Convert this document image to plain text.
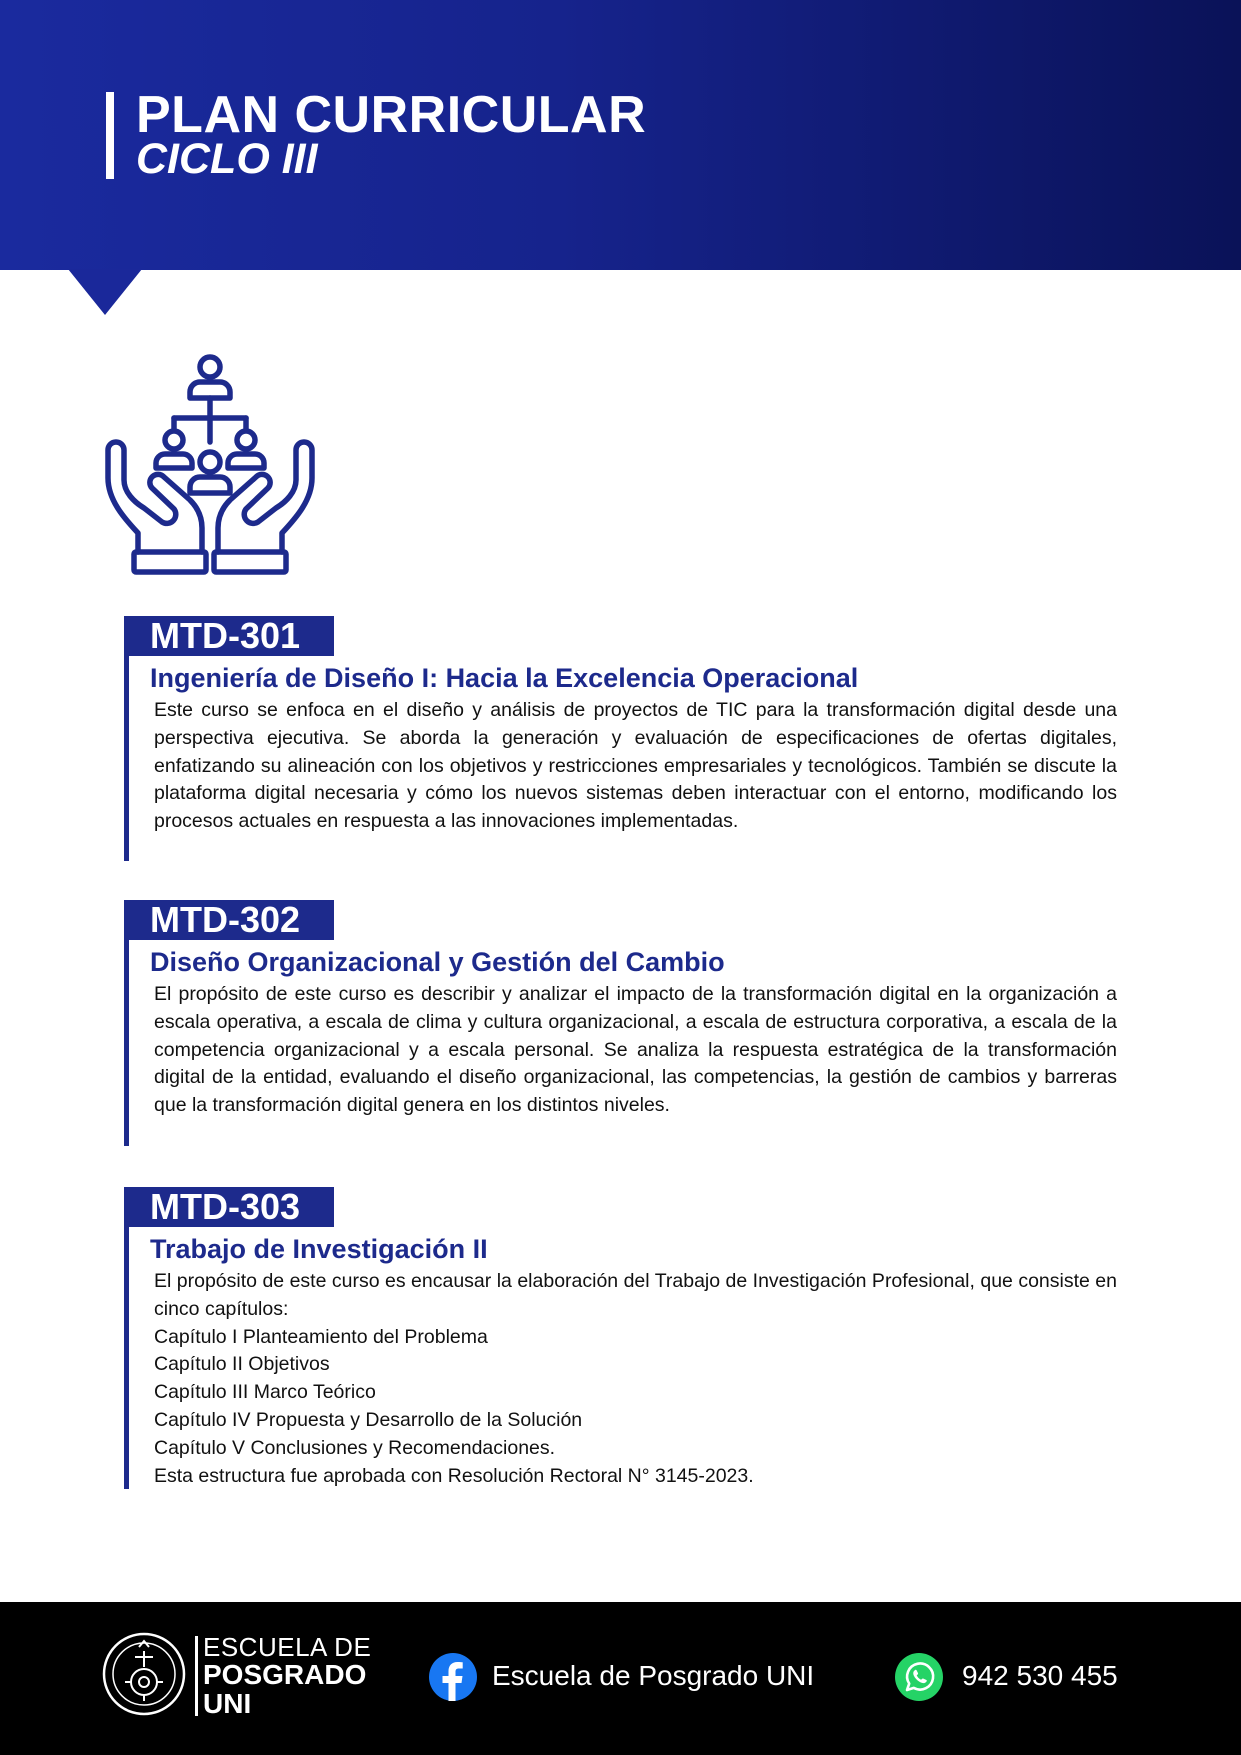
PLAN CURRICULAR
CICLO III
MTD-301
Ingeniería de Diseño I: Hacia la Excelencia Operacional

Este curso se enfoca en el diseño y análisis de proyectos de TIC para la transformación digital desde una perspectiva ejecutiva. Se aborda la generación y evaluación de especificaciones de ofertas digitales, enfatizando su alineación con los objetivos y restricciones empresariales y tecnológicos. También se discute la plataforma digital necesaria y cómo los nuevos sistemas deben interactuar con el entorno, modificando los procesos actuales en respuesta a las innovaciones implementadas.

MTD-302
Diseño Organizacional y Gestión del Cambio

El propósito de este curso es describir y analizar el impacto de la transformación digital en la organización a escala operativa, a escala de clima y cultura organizacional, a escala de estructura corporativa, a escala de la competencia organizacional y a escala personal. Se analiza la respuesta estratégica de la transformación digital de la entidad, evaluando el diseño organizacional, las competencias, la gestión de cambios y barreras que la transformación digital genera en los distintos niveles.

MTD-303
Trabajo de Investigación II

El propósito de este curso es encausar la elaboración del Trabajo de Investigación Profesional, que consiste en cinco capítulos:

Capítulo I Planteamiento del Problema
Capítulo II Objetivos
Capítulo III Marco Teórico
Capítulo IV Propuesta y Desarrollo de la Solución
Capítulo V Conclusiones y Recomendaciones.
Esta estructura fue aprobada con Resolución Rectoral N° 3145-2023.
ESCUELA DE
POSGRADO
UNI
Escuela de Posgrado UNI	942 530 455
